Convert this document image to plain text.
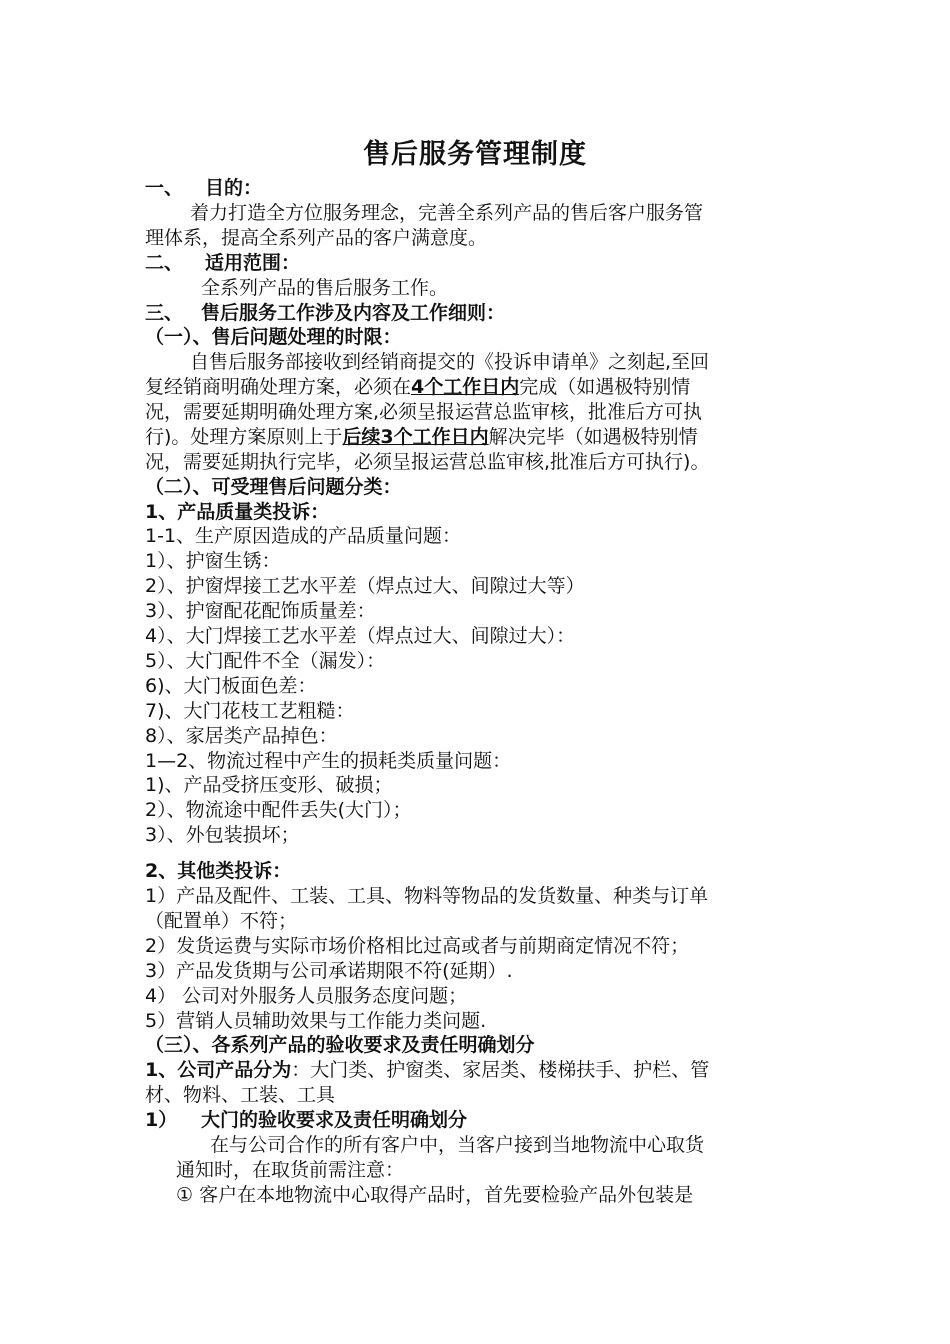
售后服务管理制度
一、 目的：
着力打造全方位服务理念，完善全系列产品的售后客户服务管
理体系，提高全系列产品的客户满意度。
二、 适用范围：
全系列产品的售后服务工作。
三、 售后服务工作涉及内容及工作细则：
（一）、售后问题处理的时限：
自售后服务部接收到经销商提交的《投诉申请单》之刻起,至回
复经销商明确处理方案，必须在4个工作日内完成（如遇极特别情
况，需要延期明确处理方案,必须呈报运营总监审核，批准后方可执
行)。处理方案原则上于后续3个工作日内解决完毕（如遇极特别情
况，需要延期执行完毕，必须呈报运营总监审核,批准后方可执行)。
（二）、可受理售后问题分类：
1、产品质量类投诉：
1-1、生产原因造成的产品质量问题：
1）、护窗生锈：
2）、护窗焊接工艺水平差（焊点过大、间隙过大等）
3）、护窗配花配饰质量差：
4）、大门焊接工艺水平差（焊点过大、间隙过大）：
5）、大门配件不全（漏发）：
6)、大门板面色差：
7)、大门花枝工艺粗糙：
8）、家居类产品掉色：
1—2、物流过程中产生的损耗类质量问题：
1)、产品受挤压变形、破损；
2）、物流途中配件丢失(大门）；
3）、外包装损坏；
2、其他类投诉：
1）产品及配件、工装、工具、物料等物品的发货数量、种类与订单
（配置单）不符；
2）发货运费与实际市场价格相比过高或者与前期商定情况不符；
3）产品发货期与公司承诺期限不符(延期）.
4） 公司对外服务人员服务态度问题；
5）营销人员辅助效果与工作能力类问题.
（三）、各系列产品的验收要求及责任明确划分
1、公司产品分为：大门类、护窗类、家居类、楼梯扶手、护栏、管
材、物料、工装、工具
1） 大门的验收要求及责任明确划分
在与公司合作的所有客户中，当客户接到当地物流中心取货
通知时，在取货前需注意：
① 客户在本地物流中心取得产品时，首先要检验产品外包装是
